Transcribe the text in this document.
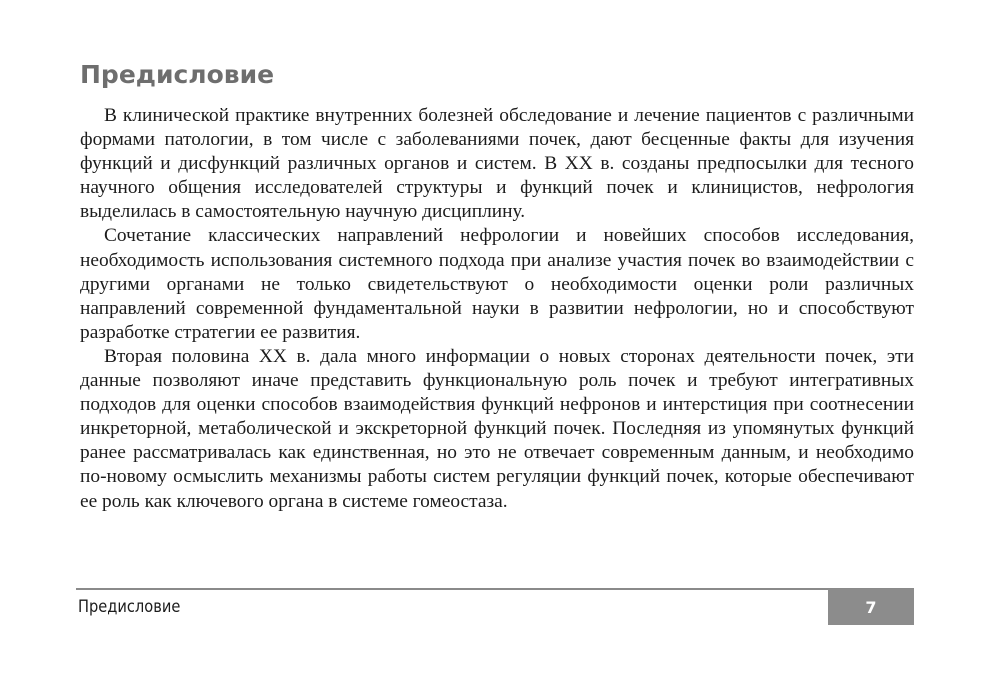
Предисловие

В клинической практике внутренних болезней обследование и лечение пациентов с различными формами патологии, в том числе с заболеваниями почек, дают бесценные факты для изучения функций и дисфункций различных органов и систем. В XX в. созданы предпосылки для тесного научного общения исследователей структуры и функций почек и клиницистов, нефрология выделилась в самостоятельную научную дисциплину.

Сочетание классических направлений нефрологии и новейших способов исследования, необходимость использования системного подхода при анализе участия почек во взаимодействии с другими органами не только свидетельствуют о необходимости оценки роли различных направлений современной фундаментальной науки в развитии нефрологии, но и способствуют разработке стратегии ее развития.

Вторая половина XX в. дала много информации о новых сторонах деятельности почек, эти данные позволяют иначе представить функциональную роль почек и требуют интегративных подходов для оценки способов взаимодействия функций нефронов и интерстиция при соотнесении инкреторной, метаболической и экскреторной функций почек. Последняя из упомянутых функций ранее рассматривалась как единственная, но это не отвечает современным данным, и необходимо по-новому осмыслить механизмы работы систем регуляции функций почек, которые обеспечивают ее роль как ключевого органа в системе гомеостаза.

Предисловие	7
